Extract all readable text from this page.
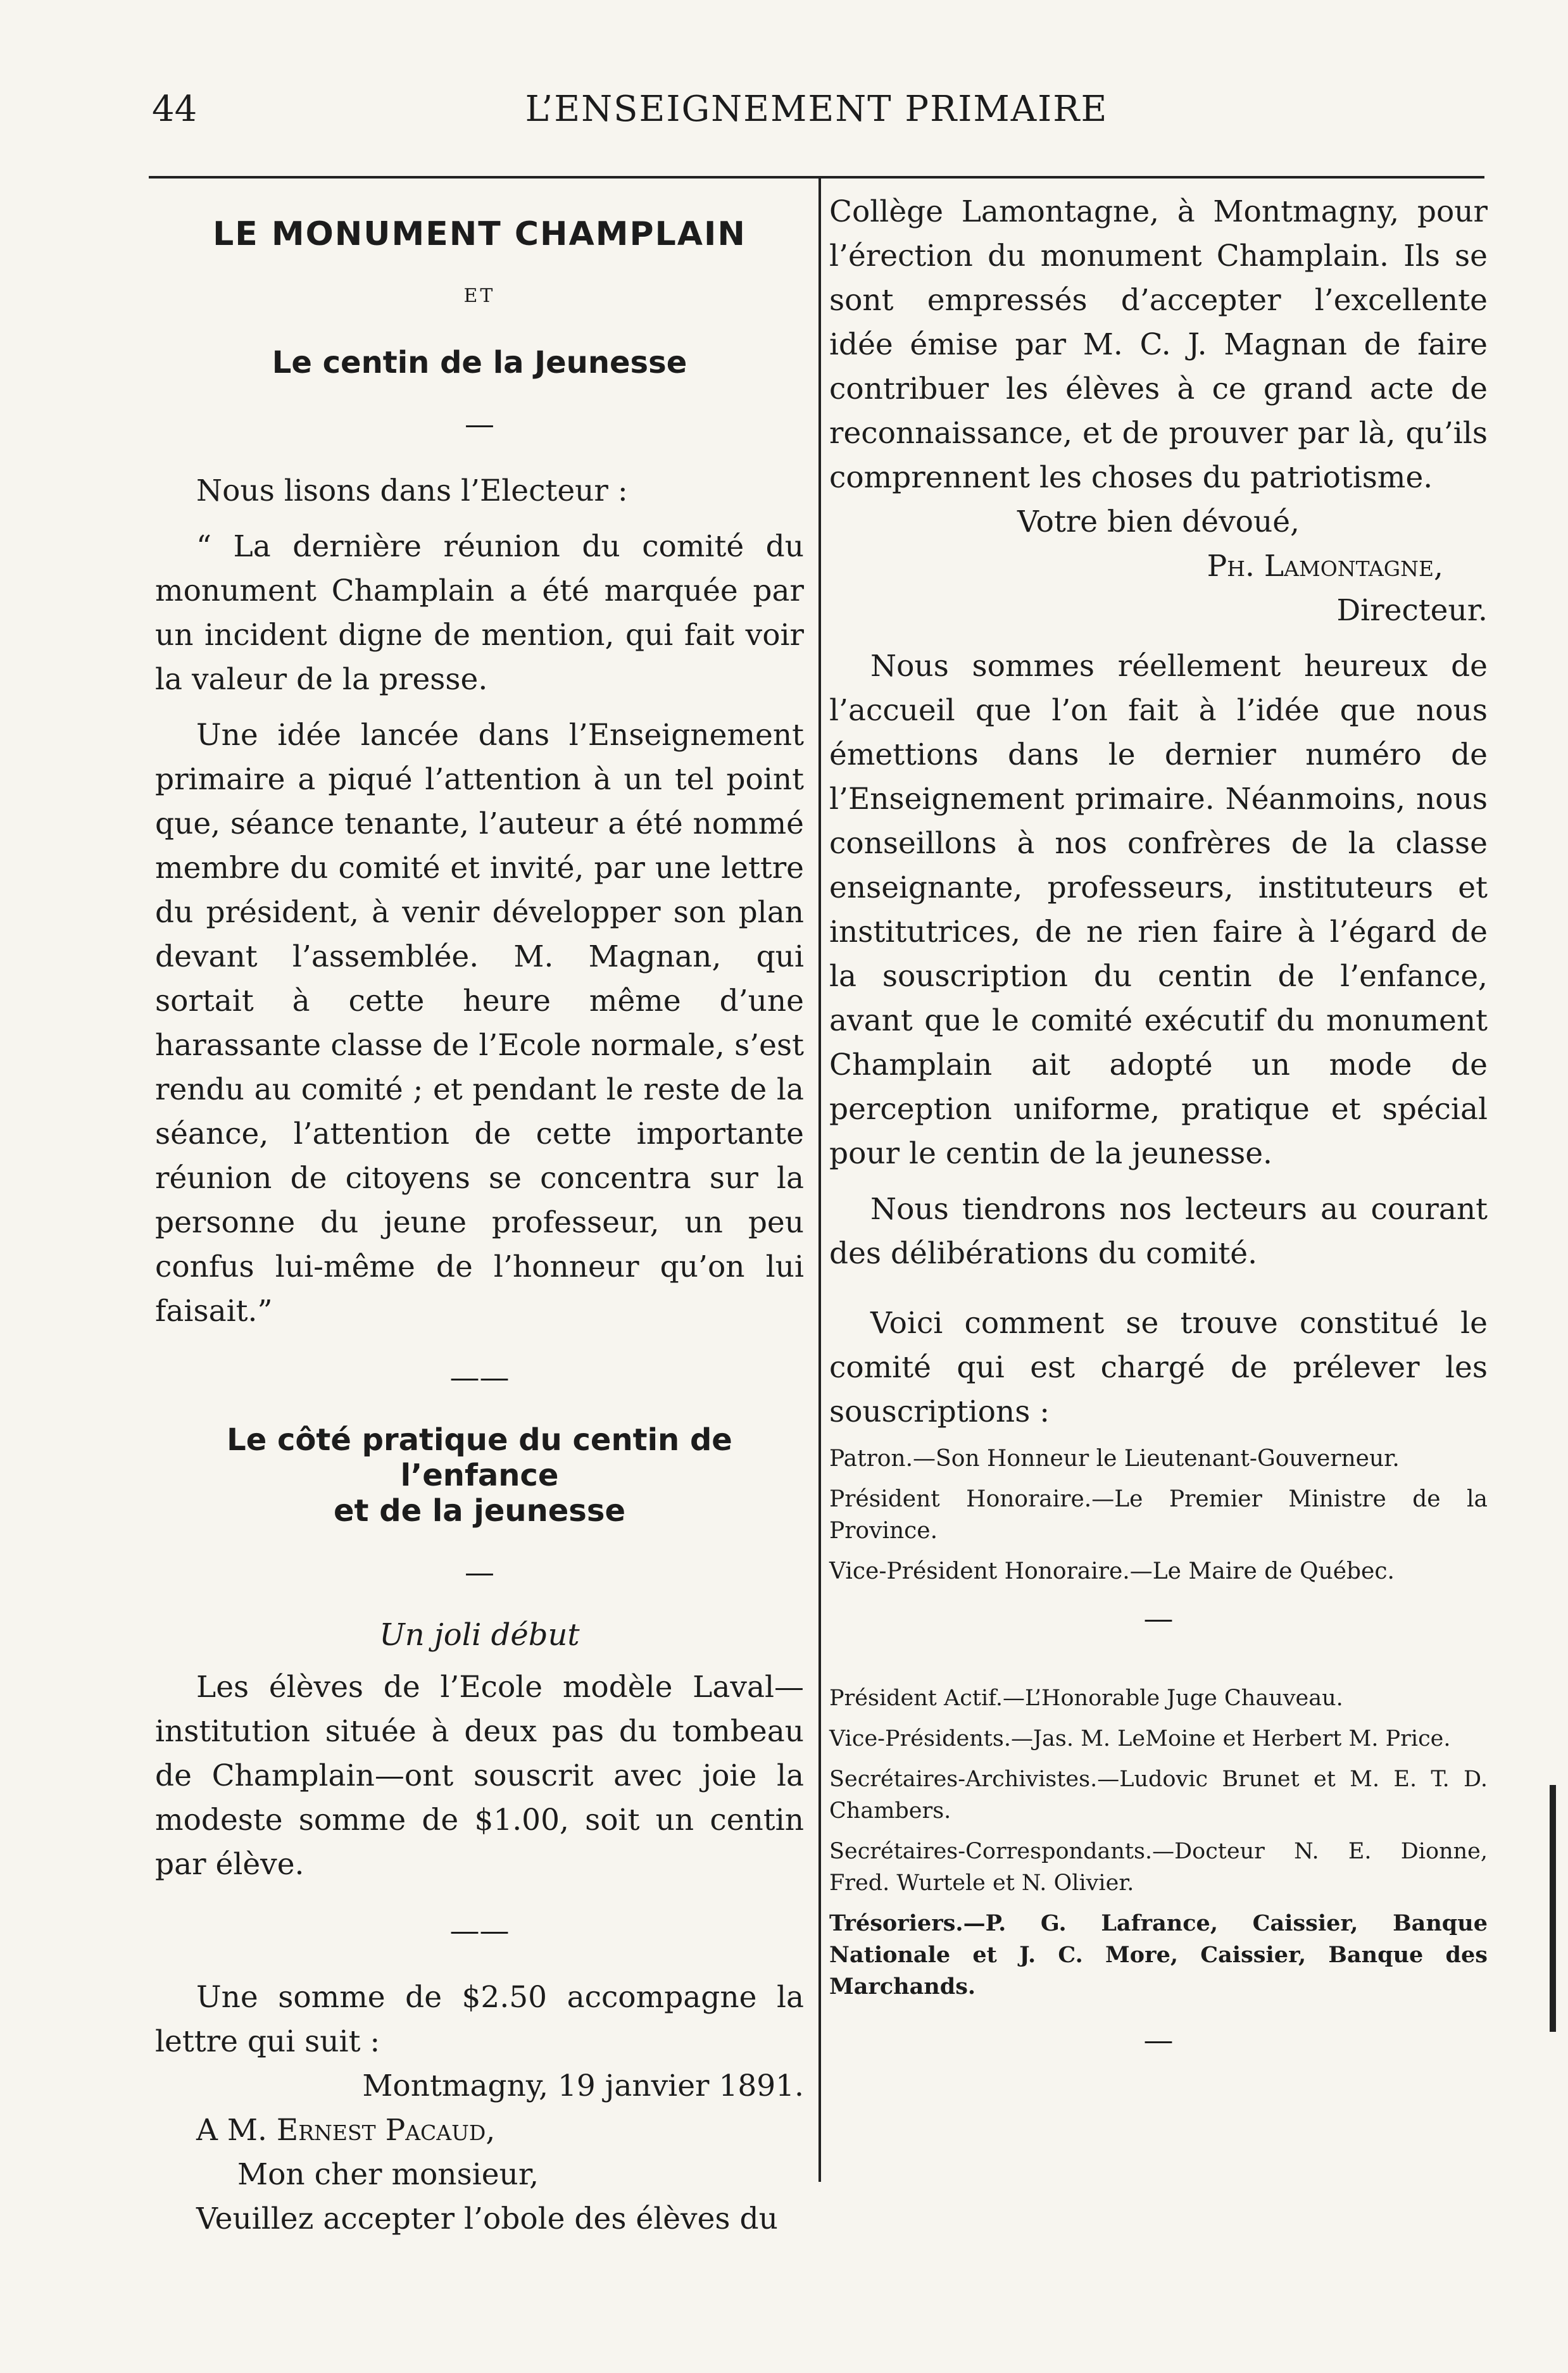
44	L’ENSEIGNEMENT PRIMAIRE

LE MONUMENT CHAMPLAIN

ET

Le centin de la Jeunesse

—

Nous lisons dans l’Electeur :

“ La dernière réunion du comité du monument Champlain a été marquée par un incident digne de mention, qui fait voir la valeur de la presse.

Une idée lancée dans l’Enseignement primaire a piqué l’attention à un tel point que, séance tenante, l’auteur a été nommé membre du comité et invité, par une lettre du président, à venir développer son plan devant l’assemblée. M. Magnan, qui sortait à cette heure même d’une harassante classe de l’Ecole normale, s’est rendu au comité ; et pendant le reste de la séance, l’attention de cette importante réunion de citoyens se concentra sur la personne du jeune professeur, un peu confus lui-même de l’honneur qu’on lui faisait.”

——

Le côté pratique du centin de l’enfance

et de la jeunesse

—

Un joli début

Les élèves de l’Ecole modèle Laval—institution située à deux pas du tombeau de Champlain—ont souscrit avec joie la modeste somme de $1.00, soit un centin par élève.

——

Une somme de $2.50 accompagne la lettre qui suit :

Montmagny, 19 janvier 1891.

A M. Ernest Pacaud,

Mon cher monsieur,

Veuillez accepter l’obole des élèves du

Collège Lamontagne, à Montmagny, pour l’érection du monument Champlain. Ils se sont empressés d’accepter l’excellente idée émise par M. C. J. Magnan de faire contribuer les élèves à ce grand acte de reconnaissance, et de prouver par là, qu’ils comprennent les choses du patriotisme.

Votre bien dévoué,

Ph. Lamontagne,

Directeur.

Nous sommes réellement heureux de l’accueil que l’on fait à l’idée que nous émettions dans le dernier numéro de l’Enseignement primaire. Néanmoins, nous conseillons à nos confrères de la classe enseignante, professeurs, instituteurs et institutrices, de ne rien faire à l’égard de la souscription du centin de l’enfance, avant que le comité exécutif du monument Champlain ait adopté un mode de perception uniforme, pratique et spécial pour le centin de la jeunesse.

Nous tiendrons nos lecteurs au courant des délibérations du comité.

Voici comment se trouve constitué le comité qui est chargé de prélever les souscriptions :

Patron.—Son Honneur le Lieutenant-Gouverneur.

Président Honoraire.—Le Premier Ministre de la Province.

Vice-Président Honoraire.—Le Maire de Québec.

—

Président Actif.—L’Honorable Juge Chauveau.

Vice-Présidents.—Jas. M. LeMoine et Herbert M. Price.

Secrétaires-Archivistes.—Ludovic Brunet et M. E. T. D. Chambers.

Secrétaires-Correspondants.—Docteur N. E. Dionne, Fred. Wurtele et N. Olivier.

Trésoriers.—P. G. Lafrance, Caissier, Banque Nationale et J. C. More, Caissier, Banque des Marchands.

—
